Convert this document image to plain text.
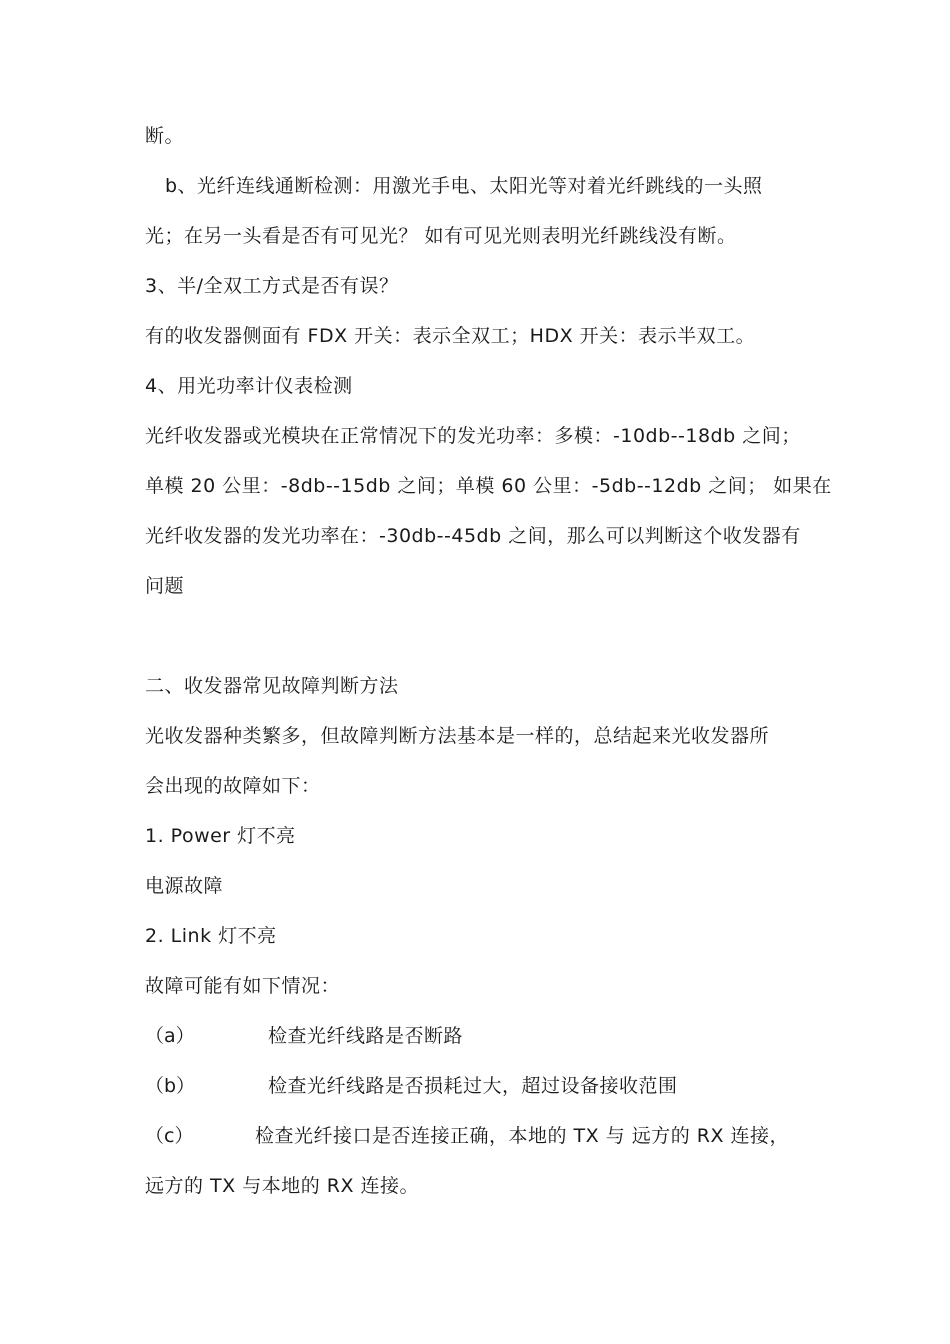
断。
b、光纤连线通断检测：用激光手电、太阳光等对着光纤跳线的一头照
光；在另一头看是否有可见光？ 如有可见光则表明光纤跳线没有断。
3、半/全双工方式是否有误？
有的收发器侧面有 FDX 开关：表示全双工；HDX 开关：表示半双工。
4、用光功率计仪表检测
光纤收发器或光模块在正常情况下的发光功率：多模：-10db--18db 之间；
单模 20 公里：-8db--15db 之间；单模 60 公里：-5db--12db 之间； 如果在
光纤收发器的发光功率在：-30db--45db 之间，那么可以判断这个收发器有
问题
二、收发器常见故障判断方法
光收发器种类繁多，但故障判断方法基本是一样的，总结起来光收发器所
会出现的故障如下：
1. Power 灯不亮
电源故障
2. Link 灯不亮
故障可能有如下情况：
（a）	检查光纤线路是否断路
（b）	检查光纤线路是否损耗过大，超过设备接收范围
（c）	检查光纤接口是否连接正确，本地的 TX 与 远方的 RX 连接，
远方的 TX 与本地的 RX 连接。
